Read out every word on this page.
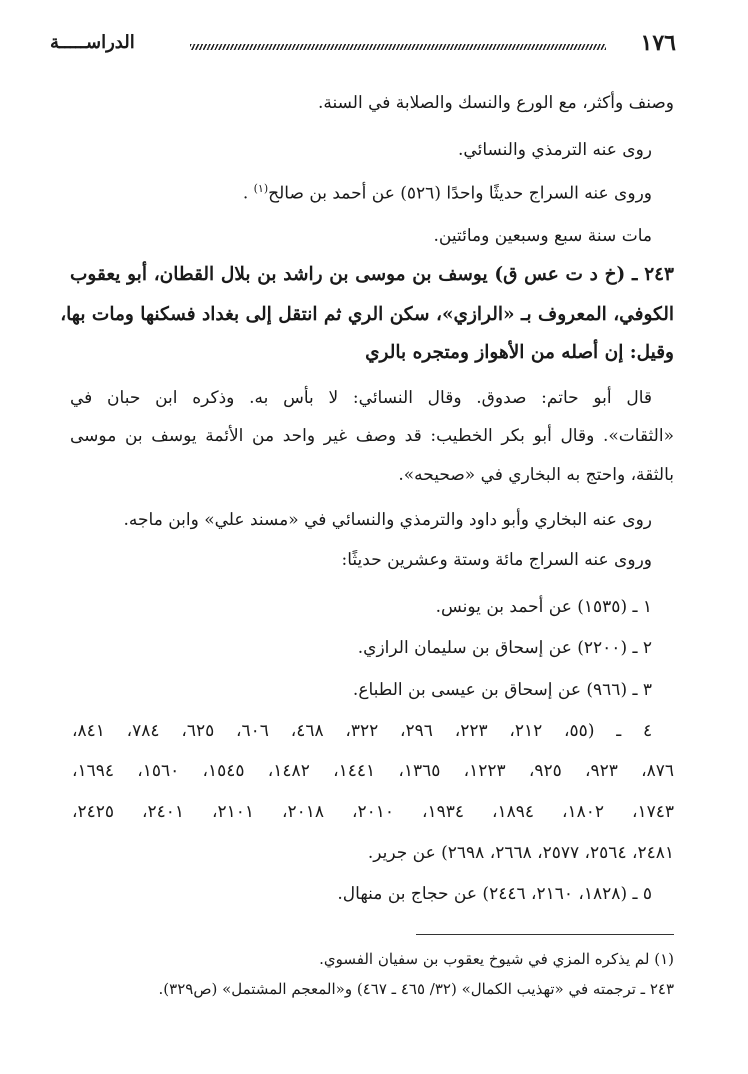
١٧٦
الدراســـــة
وصنف وأكثر، مع الورع والنسك والصلابة في السنة.
روى عنه الترمذي والنسائي.
وروى عنه السراج حديثًا واحدًا (٥٢٦) عن أحمد بن صالح$^{(١)}$ .
مات سنة سبع وسبعين ومائتين.
٢٤٣ ـ (خ د ت عس ق) يوسف بن موسى بن راشد بن بلال القطان، أبو يعقوب
الكوفي، المعروف بـ «الرازي»، سكن الري ثم انتقل إلى بغداد فسكنها ومات بها،
وقيل: إن أصله من الأهواز ومتجره بالري
قال أبو حاتم: صدوق. وقال النسائي: لا بأس به. وذكره ابن حبان في
«الثقات». وقال أبو بكر الخطيب: قد وصف غير واحد من الأئمة يوسف بن موسى
بالثقة، واحتج به البخاري في «صحيحه».
روى عنه البخاري وأبو داود والترمذي والنسائي في «مسند علي» وابن ماجه.
وروى عنه السراج مائة وستة وعشرين حديثًا:
١ ـ (١٥٣٥) عن أحمد بن يونس.
٢ ـ (٢٢٠٠) عن إسحاق بن سليمان الرازي.
٣ ـ (٩٦٦) عن إسحاق بن عيسى بن الطباع.
٤ ـ (٥٥، ٢١٢، ٢٢٣، ٢٩٦، ٣٢٢، ٤٦٨، ٦٠٦، ٦٢٥، ٧٨٤، ٨٤١،
٨٧٦، ٩٢٣، ٩٢٥، ١٢٢٣، ١٣٦٥، ١٤٤١، ١٤٨٢، ١٥٤٥، ١٥٦٠، ١٦٩٤،
١٧٤٣، ١٨٠٢، ١٨٩٤، ١٩٣٤، ٢٠١٠، ٢٠١٨، ٢١٠١، ٢٤٠١، ٢٤٢٥،
٢٤٨١، ٢٥٦٤، ٢٥٧٧، ٢٦٦٨، ٢٦٩٨) عن جرير.
٥ ـ (١٨٢٨، ٢١٦٠، ٢٤٤٦) عن حجاج بن منهال.
(١) لم يذكره المزي في شيوخ يعقوب بن سفيان الفسوي.
٢٤٣ ـ ترجمته في «تهذيب الكمال» (٣٢/ ٤٦٥ ـ ٤٦٧) و«المعجم المشتمل» (ص٣٢٩).
